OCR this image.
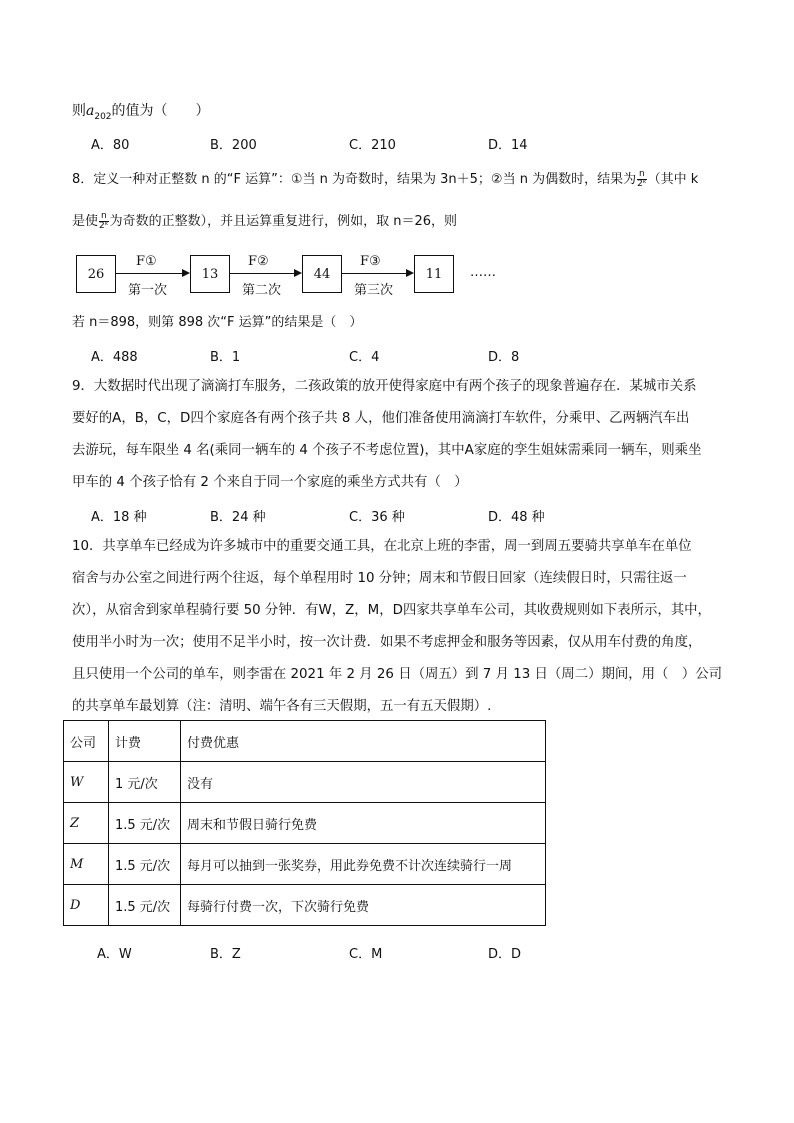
则$a_{202}$的值为（　　）
A．80	B．200	C．210	D．14
8．定义一种对正整数 n 的“F 运算”：①当 n 为奇数时，结果为 3n＋5；②当 n 为偶数时，结果为 $\frac{n}{\text{2ᵏ}}$ （其中 k
是使 $\frac{n}{\text{2ᵏ}}$ 为奇数的正整数），并且运算重复进行，例如，取 n＝26，则
26
F①
第一次
13
F②
第二次
44
F③
第三次
11	……
若 n＝898，则第 898 次“F 运算”的结果是（　）
A．488	B．1	C．4	D．8
9．大数据时代出现了滴滴打车服务，二孩政策的放开使得家庭中有两个孩子的现象普遍存在．某城市关系
要好的A，B，C，D四个家庭各有两个孩子共 8 人，他们准备使用滴滴打车软件，分乘甲、乙两辆汽车出
去游玩，每车限坐 4 名(乘同一辆车的 4 个孩子不考虑位置)，其中A家庭的孪生姐妹需乘同一辆车，则乘坐
甲车的 4 个孩子恰有 2 个来自于同一个家庭的乘坐方式共有（　）
A．18 种	B．24 种	C．36 种	D．48 种
10．共享单车已经成为许多城市中的重要交通工具，在北京上班的李雷，周一到周五要骑共享单车在单位
宿舍与办公室之间进行两个往返，每个单程用时 10 分钟；周末和节假日回家（连续假日时，只需往返一
次），从宿舍到家单程骑行要 50 分钟．有W，Z，M，D四家共享单车公司，其收费规则如下表所示，其中，
使用半小时为一次；使用不足半小时，按一次计费．如果不考虑押金和服务等因素，仅从用车付费的角度，
且只使用一个公司的单车，则李雷在 2021 年 2 月 26 日（周五）到 7 月 13 日（周二）期间，用（　）公司
的共享单车最划算（注：清明、端午各有三天假期，五一有五天假期）.
公司	计费	付费优惠
W	1 元/次	没有
Z	1.5 元/次	周末和节假日骑行免费
M	1.5 元/次	每月可以抽到一张奖券，用此券免费不计次连续骑行一周
D	1.5 元/次	每骑行付费一次，下次骑行免费
A．W	B．Z	C．M	D．D
